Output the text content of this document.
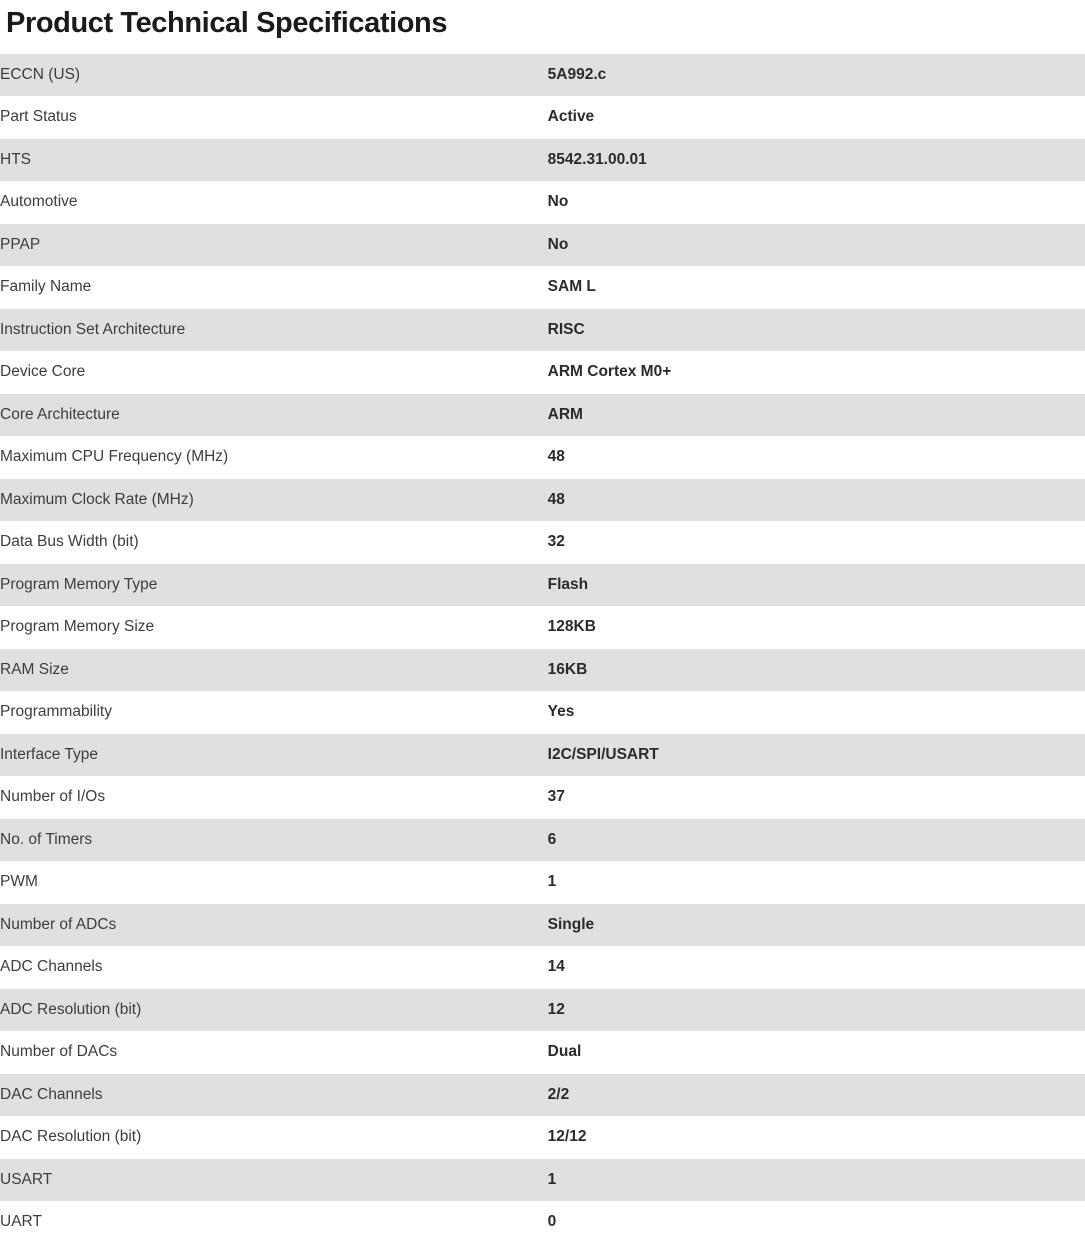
Product Technical Specifications
ECCN (US)	5A992.c
Part Status	Active
HTS	8542.31.00.01
Automotive	No
PPAP	No
Family Name	SAM L
Instruction Set Architecture	RISC
Device Core	ARM Cortex M0+
Core Architecture	ARM
Maximum CPU Frequency (MHz)	48
Maximum Clock Rate (MHz)	48
Data Bus Width (bit)	32
Program Memory Type	Flash
Program Memory Size	128KB
RAM Size	16KB
Programmability	Yes
Interface Type	I2C/SPI/USART
Number of I/Os	37
No. of Timers	6
PWM	1
Number of ADCs	Single
ADC Channels	14
ADC Resolution (bit)	12
Number of DACs	Dual
DAC Channels	2/2
DAC Resolution (bit)	12/12
USART	1
UART	0
